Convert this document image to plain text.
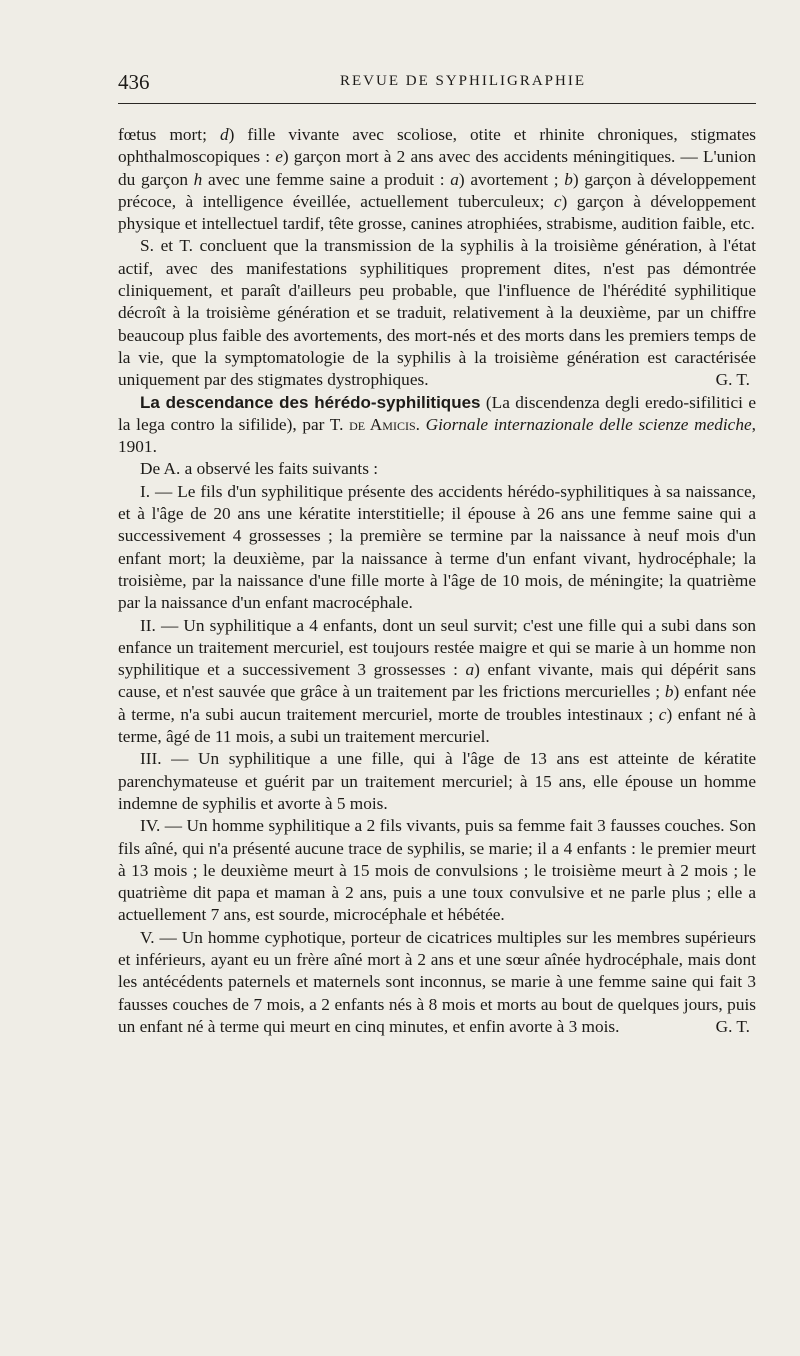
436	REVUE DE SYPHILIGRAPHIE

fœtus mort; d) fille vivante avec scoliose, otite et rhinite chroniques, stigmates ophthalmoscopiques : e) garçon mort à 2 ans avec des accidents méningitiques. — L'union du garçon h avec une femme saine a produit : a) avortement ; b) garçon à développement précoce, à intelligence éveillée, actuellement tuberculeux; c) garçon à développement physique et intellectuel tardif, tête grosse, canines atrophiées, strabisme, audition faible, etc.

S. et T. concluent que la transmission de la syphilis à la troisième génération, à l'état actif, avec des manifestations syphilitiques proprement dites, n'est pas démontrée cliniquement, et paraît d'ailleurs peu probable, que l'influence de l'hérédité syphilitique décroît à la troisième génération et se traduit, relativement à la deuxième, par un chiffre beaucoup plus faible des avortements, des mort-nés et des morts dans les premiers temps de la vie, que la symptomatologie de la syphilis à la troisième génération est caractérisée uniquement par des stigmates dystrophiques.	G. T.

La descendance des hérédo-syphilitiques (La discendenza degli eredo-sifilitici e la lega contro la sifilide), par T. de Amicis. Giornale internazionale delle scienze mediche, 1901.

De A. a observé les faits suivants :

I. — Le fils d'un syphilitique présente des accidents hérédo-syphilitiques à sa naissance, et à l'âge de 20 ans une kératite interstitielle; il épouse à 26 ans une femme saine qui a successivement 4 grossesses ; la première se termine par la naissance à neuf mois d'un enfant mort; la deuxième, par la naissance à terme d'un enfant vivant, hydrocéphale; la troisième, par la naissance d'une fille morte à l'âge de 10 mois, de méningite; la quatrième par la naissance d'un enfant macrocéphale.

II. — Un syphilitique a 4 enfants, dont un seul survit; c'est une fille qui a subi dans son enfance un traitement mercuriel, est toujours restée maigre et qui se marie à un homme non syphilitique et a successivement 3 grossesses : a) enfant vivante, mais qui dépérit sans cause, et n'est sauvée que grâce à un traitement par les frictions mercurielles ; b) enfant née à terme, n'a subi aucun traitement mercuriel, morte de troubles intestinaux ; c) enfant né à terme, âgé de 11 mois, a subi un traitement mercuriel.

III. — Un syphilitique a une fille, qui à l'âge de 13 ans est atteinte de kératite parenchymateuse et guérit par un traitement mercuriel; à 15 ans, elle épouse un homme indemne de syphilis et avorte à 5 mois.

IV. — Un homme syphilitique a 2 fils vivants, puis sa femme fait 3 fausses couches. Son fils aîné, qui n'a présenté aucune trace de syphilis, se marie; il a 4 enfants : le premier meurt à 13 mois ; le deuxième meurt à 15 mois de convulsions ; le troisième meurt à 2 mois ; le quatrième dit papa et maman à 2 ans, puis a une toux convulsive et ne parle plus ; elle a actuellement 7 ans, est sourde, microcéphale et hébétée.

V. — Un homme cyphotique, porteur de cicatrices multiples sur les membres supérieurs et inférieurs, ayant eu un frère aîné mort à 2 ans et une sœur aînée hydrocéphale, mais dont les antécédents paternels et maternels sont inconnus, se marie à une femme saine qui fait 3 fausses couches de 7 mois, a 2 enfants nés à 8 mois et morts au bout de quelques jours, puis un enfant né à terme qui meurt en cinq minutes, et enfin avorte à 3 mois.	G. T.
